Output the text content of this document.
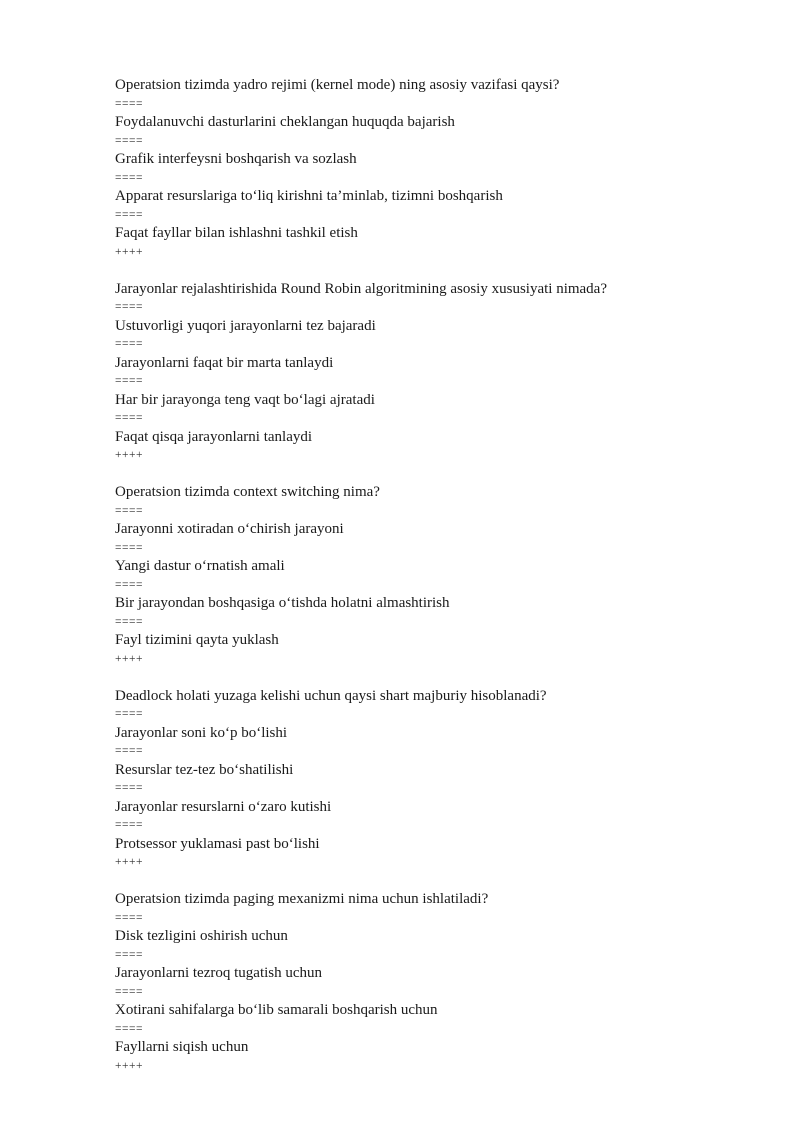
Operatsion tizimda yadro rejimi (kernel mode) ning asosiy vazifasi qaysi?
====
Foydalanuvchi dasturlarini cheklangan huquqda bajarish
====
Grafik interfeysni boshqarish va sozlash
====
Apparat resurslariga to‘liq kirishni ta’minlab, tizimni boshqarish
====
Faqat fayllar bilan ishlashni tashkil etish
++++
Jarayonlar rejalashtirishida Round Robin algoritmining asosiy xususiyati nimada?
====
Ustuvorligi yuqori jarayonlarni tez bajaradi
====
Jarayonlarni faqat bir marta tanlaydi
====
Har bir jarayonga teng vaqt bo‘lagi ajratadi
====
Faqat qisqa jarayonlarni tanlaydi
++++
Operatsion tizimda context switching nima?
====
Jarayonni xotiradan o‘chirish jarayoni
====
Yangi dastur o‘rnatish amali
====
Bir jarayondan boshqasiga o‘tishda holatni almashtirish
====
Fayl tizimini qayta yuklash
++++
Deadlock holati yuzaga kelishi uchun qaysi shart majburiy hisoblanadi?
====
Jarayonlar soni ko‘p bo‘lishi
====
Resurslar tez-tez bo‘shatilishi
====
Jarayonlar resurslarni o‘zaro kutishi
====
Protsessor yuklamasi past bo‘lishi
++++
Operatsion tizimda paging mexanizmi nima uchun ishlatiladi?
====
Disk tezligini oshirish uchun
====
Jarayonlarni tezroq tugatish uchun
====
Xotirani sahifalarga bo‘lib samarali boshqarish uchun
====
Fayllarni siqish uchun
++++
